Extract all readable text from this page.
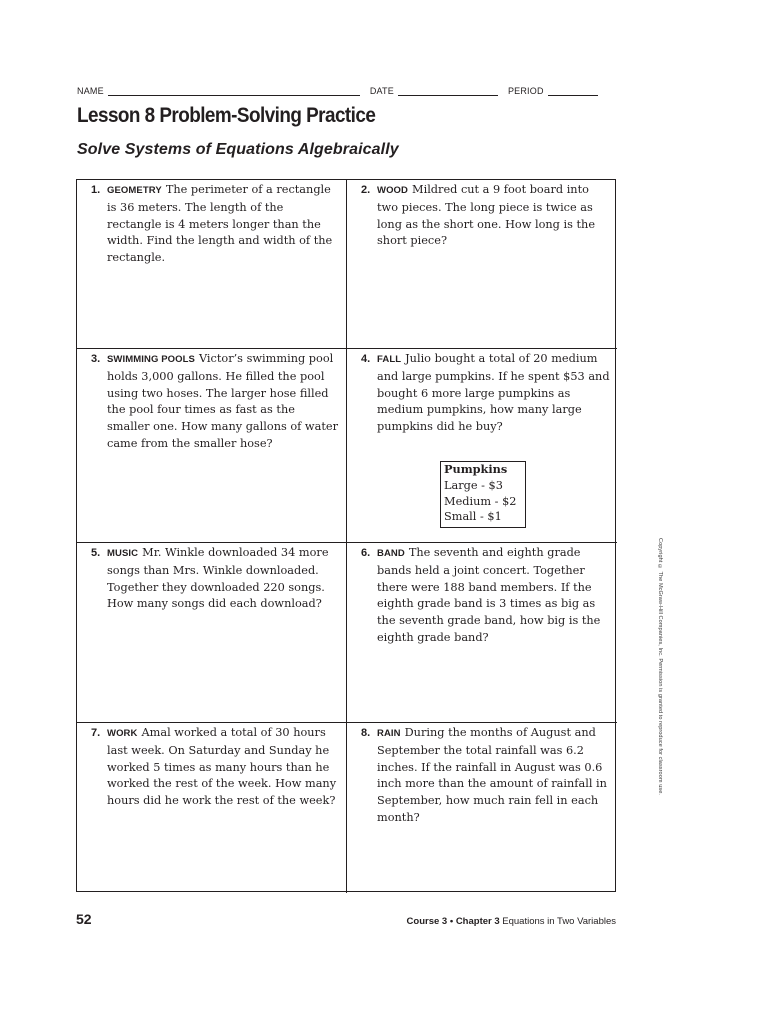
NAME	DATE	PERIOD
Lesson 8 Problem-Solving Practice
Solve Systems of Equations Algebraically
1. GEOMETRY The perimeter of a rectangle is 36 meters. The length of the rectangle is 4 meters longer than the width. Find the length and width of the rectangle.

2. WOOD Mildred cut a 9 foot board into two pieces. The long piece is twice as long as the short one. How long is the short piece?

3. SWIMMING POOLS Victor’s swimming pool holds 3,000 gallons. He filled the pool using two hoses. The larger hose filled the pool four times as fast as the smaller one. How many gallons of water came from the smaller hose?

4. FALL Julio bought a total of 20 medium and large pumpkins. If he spent $53 and bought 6 more large pumpkins as medium pumpkins, how many large pumpkins did he buy?

Pumpkins
Large - $3
Medium - $2
Small - $1
5. MUSIC Mr. Winkle downloaded 34 more songs than Mrs. Winkle downloaded. Together they downloaded 220 songs. How many songs did each download?

6. BAND The seventh and eighth grade bands held a joint concert. Together there were 188 band members. If the eighth grade band is 3 times as big as the seventh grade band, how big is the eighth grade band?

7. WORK Amal worked a total of 30 hours last week. On Saturday and Sunday he worked 5 times as many hours than he worked the rest of the week. How many hours did he work the rest of the week?

8. RAIN During the months of August and September the total rainfall was 6.2 inches. If the rainfall in August was 0.6 inch more than the amount of rainfall in September, how much rain fell in each month?

Copyright © The McGraw-Hill Companies, Inc. Permission is granted to reproduce for classroom use.
52	Course 3 • Chapter 3 Equations in Two Variables
